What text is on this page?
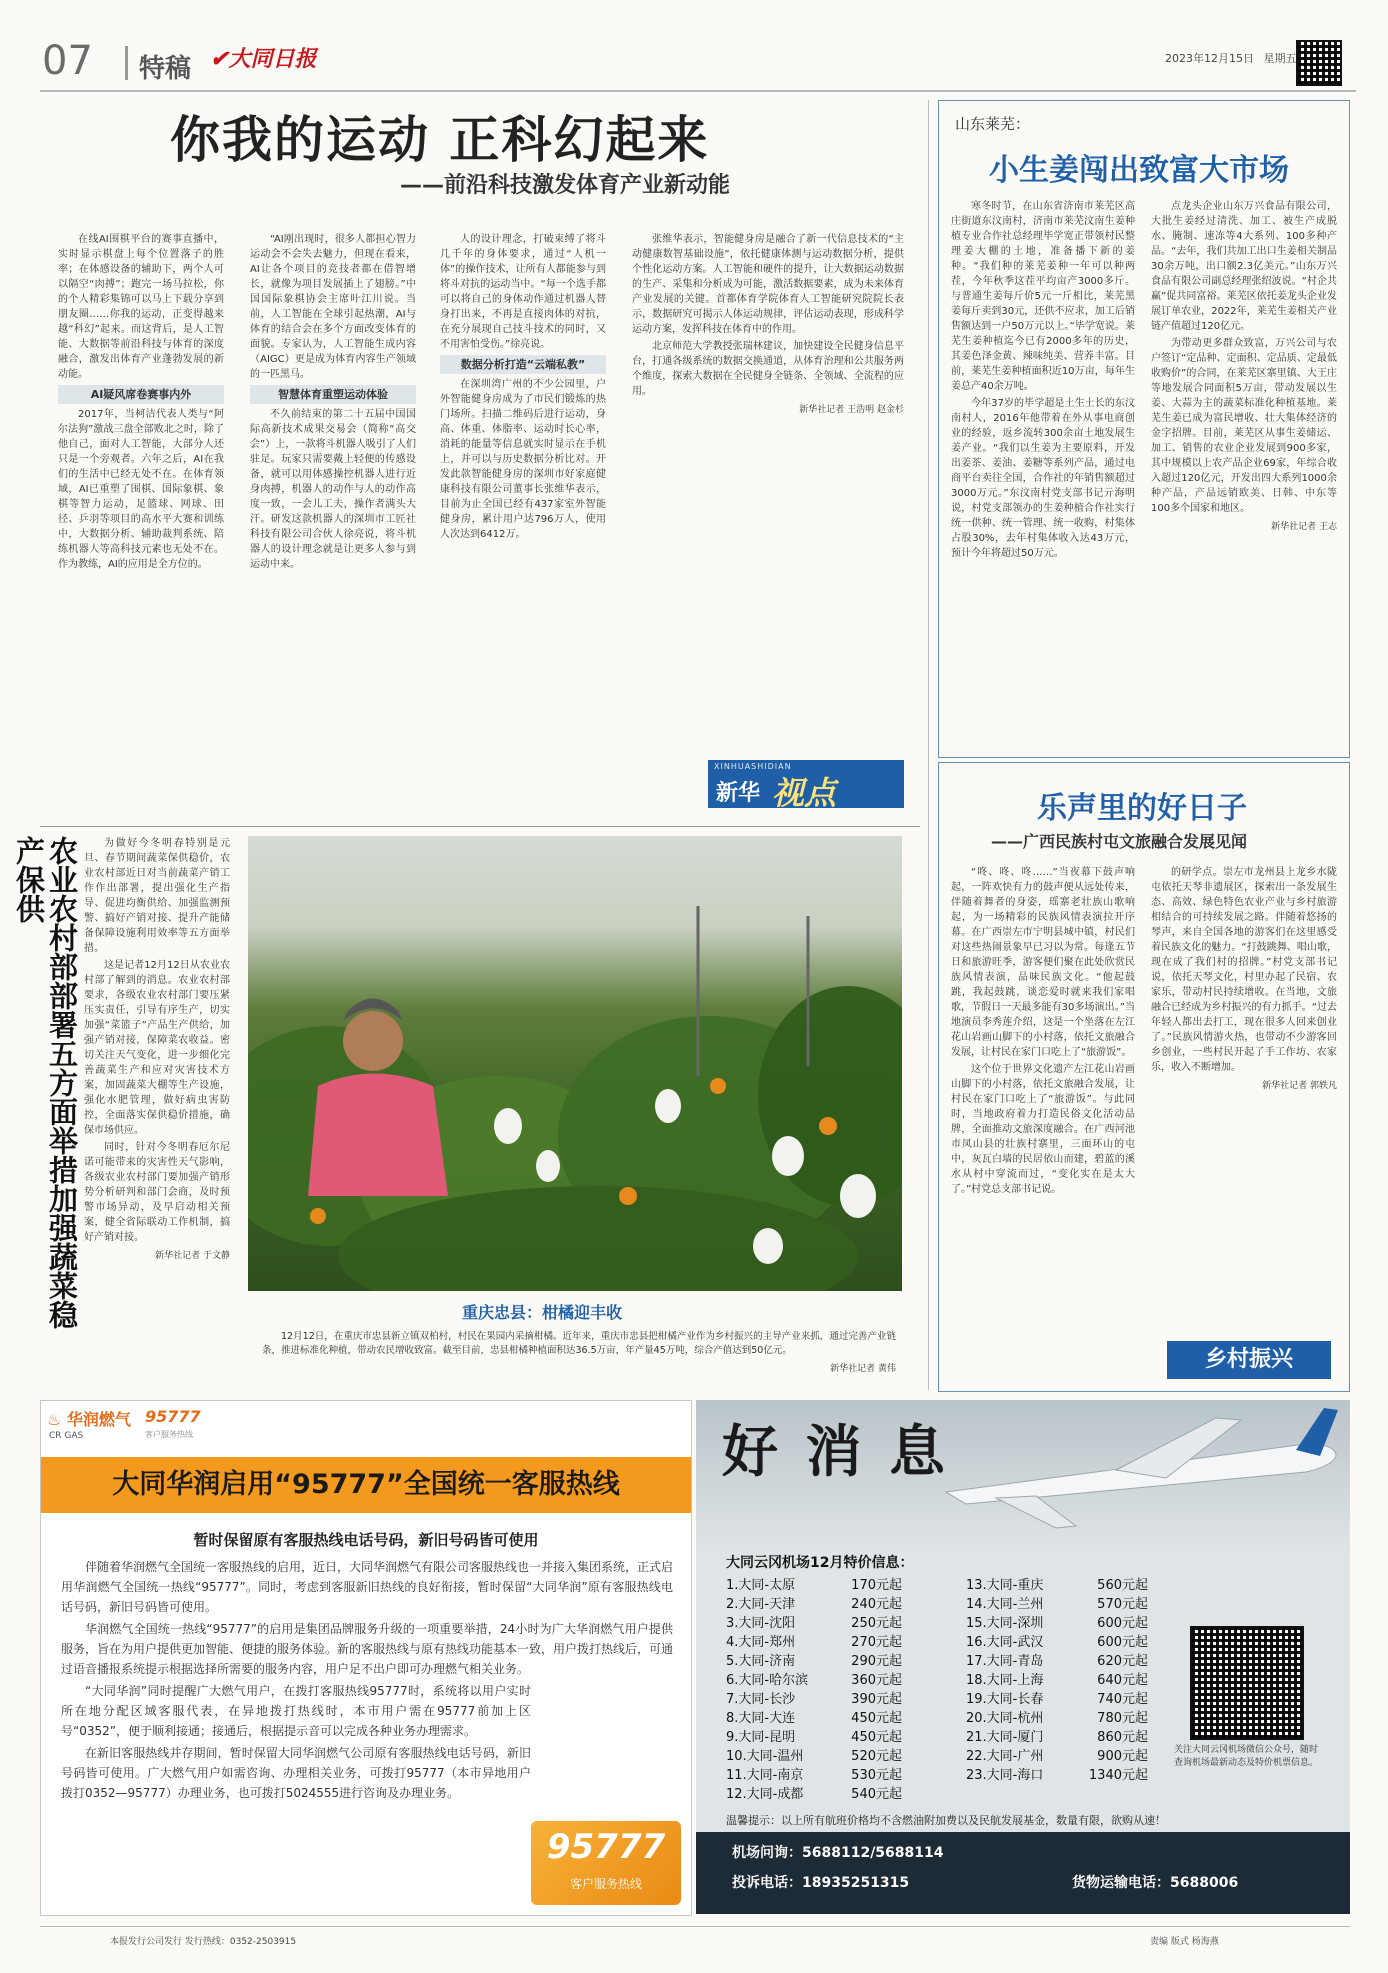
07 特稿 ✔大同日报	2023年12月15日 星期五
你我的运动 正科幻起来
——前沿科技激发体育产业新动能

在线AI围棋平台的赛事直播中，实时显示棋盘上每个位置落子的胜率；在体感设备的辅助下，两个人可以隔空“肉搏”；跑完一场马拉松，你的个人精彩集锦可以马上下载分享到朋友圈……你我的运动，正变得越来越“科幻”起来。而这背后，是人工智能、大数据等前沿科技与体育的深度融合，激发出体育产业蓬勃发展的新动能。

AI疑风席卷赛事内外

2017年，当柯洁代表人类与“阿尔法狗”激战三盘全部败北之时，除了他自己，面对人工智能，大部分人还只是一个旁观者。六年之后，AI在我们的生活中已经无处不在。在体育领域，AI已重塑了围棋、国际象棋、象棋等智力运动，足篮球、网球、田径、乒羽等项目的高水平大赛和训练中，大数据分析、辅助裁判系统、陪练机器人等高科技元素也无处不在。作为教练，AI的应用是全方位的。

“AI刚出现时，很多人都担心智力运动会不会失去魅力，但现在看来，AI让各个项目的竞技者都在借智增长，就像为项目发展插上了翅膀。”中国国际象棋协会主席叶江川说。当前，人工智能在全球引起热潮，AI与体育的结合会在多个方面改变体育的面貌。专家认为，人工智能生成内容（AIGC）更是成为体育内容生产领域的一匹黑马。

智慧体育重塑运动体验

不久前结束的第二十五届中国国际高新技术成果交易会（简称“高交会”）上，一款将斗机器人吸引了人们驻足。玩家只需要戴上轻便的传感设备，就可以用体感操控机器人进行近身肉搏，机器人的动作与人的动作高度一致，一会儿工夫，操作者满头大汗。研发这款机器人的深圳市工匠社科技有限公司合伙人徐亮说，将斗机器人的设计理念就是让更多人参与到运动中来。

人的设计理念，打破束缚了将斗几千年的身体要求，通过“人机一体”的操作技术，让所有人都能参与到将斗对抗的运动当中。“每一个选手都可以将自己的身体动作通过机器人替身打出来，不再是直接肉体的对抗，在充分展现自己技斗技术的同时，又不用害怕受伤。”徐亮说。

数据分析打造“云端私教”

在深圳湾广州的不少公园里，户外智能健身房成为了市民们锻炼的热门场所。扫描二维码后进行运动，身高、体重、体脂率、运动时长心率，消耗的能量等信息就实时显示在手机上，并可以与历史数据分析比对。开发此款智能健身房的深圳市好家庭健康科技有限公司董事长张维华表示，目前为止全国已经有437家室外智能健身房，累计用户达796万人，使用人次达到6412万。

张维华表示，智能健身房是融合了新一代信息技术的“主动健康数智基础设施”，依托健康体测与运动数据分析，提供个性化运动方案。人工智能和硬件的提升，让大数据运动数据的生产、采集和分析成为可能，激活数据要素，成为未来体育产业发展的关键。首都体育学院体育人工智能研究院院长表示，数据研究可揭示人体运动规律，评估运动表现，形成科学运动方案，发挥科技在体育中的作用。

北京师范大学教授张瑞林建议，加快建设全民健身信息平台，打通各级系统的数据交换通道，从体育治理和公共服务两个维度，探索大数据在全民健身全链条、全领域、全流程的应用。

新华社记者 王浩明 赵金杉
XINHUASHIDIAN
新华 视点
山东莱芜：
小生姜闯出致富大市场

寒冬时节，在山东省济南市莱芜区高庄街道东汶南村，济南市莱芜汶南生姜种植专业合作社总经理毕学宽正带领村民整理姜大棚的土地，准备播下新的姜种。“我们种的莱芜姜种一年可以种两茬，今年秋季这茬平均亩产3000多斤。与普通生姜每斤价5元一斤相比，莱芜黑姜每斤卖到30元，还供不应求，加工后销售额达到一户50万元以上。”毕学宽说。莱芜生姜种植迄今已有2000多年的历史，其姜色泽金黄、辣味纯美、营养丰富。目前，莱芜生姜种植面积近10万亩，每年生姜总产40余万吨。

今年37岁的毕学超是土生土长的东汶南村人，2016年他带着在外从事电商创业的经验，返乡流转300余亩土地发展生姜产业。“我们以生姜为主要原料，开发出姜茶、姜油、姜糖等系列产品，通过电商平台卖往全国，合作社的年销售额超过3000万元。”东汶南村党支部书记亓海明说，村党支部领办的生姜种植合作社实行统一供种、统一管理、统一收购，村集体占股30%，去年村集体收入达43万元，预计今年将超过50万元。

点龙头企业山东万兴食品有限公司，大批生姜经过清洗、加工、被生产成脱水、腌制、速冻等4大系列、100多种产品。“去年，我们共加工出口生姜相关制品30余万吨，出口额2.3亿美元。”山东万兴食品有限公司副总经理张绍波说。“村企共赢”促共同富裕。莱芜区依托姜龙头企业发展订单农业，2022年，莱芜生姜相关产业链产值超过120亿元。

为带动更多群众致富，万兴公司与农户签订“定品种、定面积、定品质、定最低收购价”的合同，在莱芜区寨里镇、大王庄等地发展合同面积5万亩，带动发展以生姜、大蒜为主的蔬菜标准化种植基地。莱芜生姜已成为富民增收、壮大集体经济的金字招牌。目前，莱芜区从事生姜储运、加工、销售的农业企业发展到900多家，其中规模以上农产品企业69家，年综合收入超过120亿元，开发出四大系列1000余种产品，产品远销欧美、日韩、中东等100多个国家和地区。

新华社记者 王志
乐声里的好日子
——广西民族村屯文旅融合发展见闻

“咚、咚、咚……”当夜幕下鼓声响起，一阵欢快有力的鼓声便从远处传来，伴随着舞者的身姿，瑶寨老壮族山歌响起，为一场精彩的民族风情表演拉开序幕。在广西崇左市宁明县城中镇，村民们对这些热闹景象早已习以为常。每逢五节日和旅游旺季，游客便们聚在此处欣赏民族风情表演，品味民族文化。“他起鼓跳，我起鼓跳，谈恋爱时就来我们家唱歌，节假日一天最多能有30多场演出。”当地演员李秀莲介绍，这是一个坐落在左江花山岩画山脚下的小村落，依托文旅融合发展，让村民在家门口吃上了“旅游饭”。

这个位于世界文化遗产左江花山岩画山脚下的小村落，依托文旅融合发展，让村民在家门口吃上了“旅游饭”。与此同时，当地政府着力打造民俗文化活动品牌，全面推动文旅深度融合。在广西河池市凤山县的壮族村寨里，三面环山的屯中，灰瓦白墙的民居依山而建，碧蓝的溪水从村中穿流而过，“变化实在是太大了。”村党总支部书记说。

的研学点。崇左市龙州县上龙乡水陇屯依托天琴非遗展区，探索出一条发展生态、高效、绿色特色农业产业与乡村旅游相结合的可持续发展之路。伴随着悠扬的琴声，来自全国各地的游客们在这里感受着民族文化的魅力。“打鼓跳舞、唱山歌，现在成了我们村的招牌。”村党支部书记说，依托天琴文化，村里办起了民宿、农家乐，带动村民持续增收。在当地，文旅融合已经成为乡村振兴的有力抓手。“过去年轻人都出去打工，现在很多人回来创业了。”民族风情游火热，也带动不少游客回乡创业，一些村民开起了手工作坊、农家乐，收入不断增加。

新华社记者 郭轶凡
乡村振兴
农业农村部部署五方面举措加强蔬菜稳产保供	为做好今冬明春特别是元旦、春节期间蔬菜保供稳价，农业农村部近日对当前蔬菜产销工作作出部署，提出强化生产指导、促进均衡供给、加强监测预警、搞好产销对接、提升产能储备保障设施利用效率等五方面举措。

这是记者12月12日从农业农村部了解到的消息。农业农村部要求，各级农业农村部门要压紧压实责任，引导有序生产，切实加强“菜篮子”产品生产供给，加强产销对接，保障菜农收益。密切关注天气变化，进一步细化完善蔬菜生产和应对灾害技术方案，加固蔬菜大棚等生产设施，强化水肥管理，做好病虫害防控，全面落实保供稳价措施，确保市场供应。

同时，针对今冬明春厄尔尼诺可能带来的灾害性天气影响，各级农业农村部门要加强产销形势分析研判和部门会商，及时预警市场异动，及早启动相关预案，健全省际联动工作机制，搞好产销对接。

新华社记者 于文静
重庆忠县：柑橘迎丰收

12月12日，在重庆市忠县新立镇双柏村，村民在果园内采摘柑橘。近年来，重庆市忠县把柑橘产业作为乡村振兴的主导产业来抓，通过完善产业链条，推进标准化种植，带动农民增收致富。截至目前，忠县柑橘种植面积达36.5万亩，年产量45万吨，综合产值达到50亿元。

新华社记者 黄伟
♨ 华润燃气
CR GAS
95777
客户服务热线
大同华润启用“95777”全国统一客服热线
暂时保留原有客服热线电话号码，新旧号码皆可使用

伴随着华润燃气全国统一客服热线的启用，近日，大同华润燃气有限公司客服热线也一并接入集团系统，正式启用华润燃气全国统一热线“95777”。同时，考虑到客服新旧热线的良好衔接，暂时保留“大同华润”原有客服热线电话号码，新旧号码皆可使用。

华润燃气全国统一热线“95777”的启用是集团品牌服务升级的一项重要举措，24小时为广大华润燃气用户提供服务，旨在为用户提供更加智能、便捷的服务体验。新的客服热线与原有热线功能基本一致，用户拨打热线后，可通过语音播报系统提示根据选择所需要的服务内容，用户足不出户即可办理燃气相关业务。

“大同华润”同时提醒广大燃气用户，在拨打客服热线95777时，系统将以用户实时所在地分配区域客服代表，在异地拨打热线时，本市用户需在95777前加上区号“0352”，便于顺利接通；接通后，根据提示音可以完成各种业务办理需求。

在新旧客服热线并存期间，暂时保留大同华润燃气公司原有客服热线电话号码，新旧号码皆可使用。广大燃气用户如需咨询、办理相关业务，可拨打95777（本市异地用户拨打0352—95777）办理业务，也可拨打5024555进行咨询及办理业务。

95777
客户服务热线
好 消 息
大同云冈机场12月特价信息：
1.大同-太原	170元起
2.大同-天津	240元起
3.大同-沈阳	250元起
4.大同-郑州	270元起
5.大同-济南	290元起
6.大同-哈尔滨	360元起
7.大同-长沙	390元起
8.大同-大连	450元起
9.大同-昆明	450元起
10.大同-温州	520元起
11.大同-南京	530元起
12.大同-成都	540元起
13.大同-重庆	560元起
14.大同-兰州	570元起
15.大同-深圳	600元起
16.大同-武汉	600元起
17.大同-青岛	620元起
18.大同-上海	640元起
19.大同-长春	740元起
20.大同-杭州	780元起
21.大同-厦门	860元起
22.大同-广州	900元起
23.大同-海口	1340元起
关注大同云冈机场微信公众号，随时查询机场最新动态及特价机票信息。
温馨提示：以上所有航班价格均不含燃油附加费以及民航发展基金，数量有限，欲购从速！
机场问询：5688112/5688114
投诉电话：18935251315	货物运输电话：5688006
本报发行公司发行 发行热线：0352-2503915	责编 版式 杨海燕
